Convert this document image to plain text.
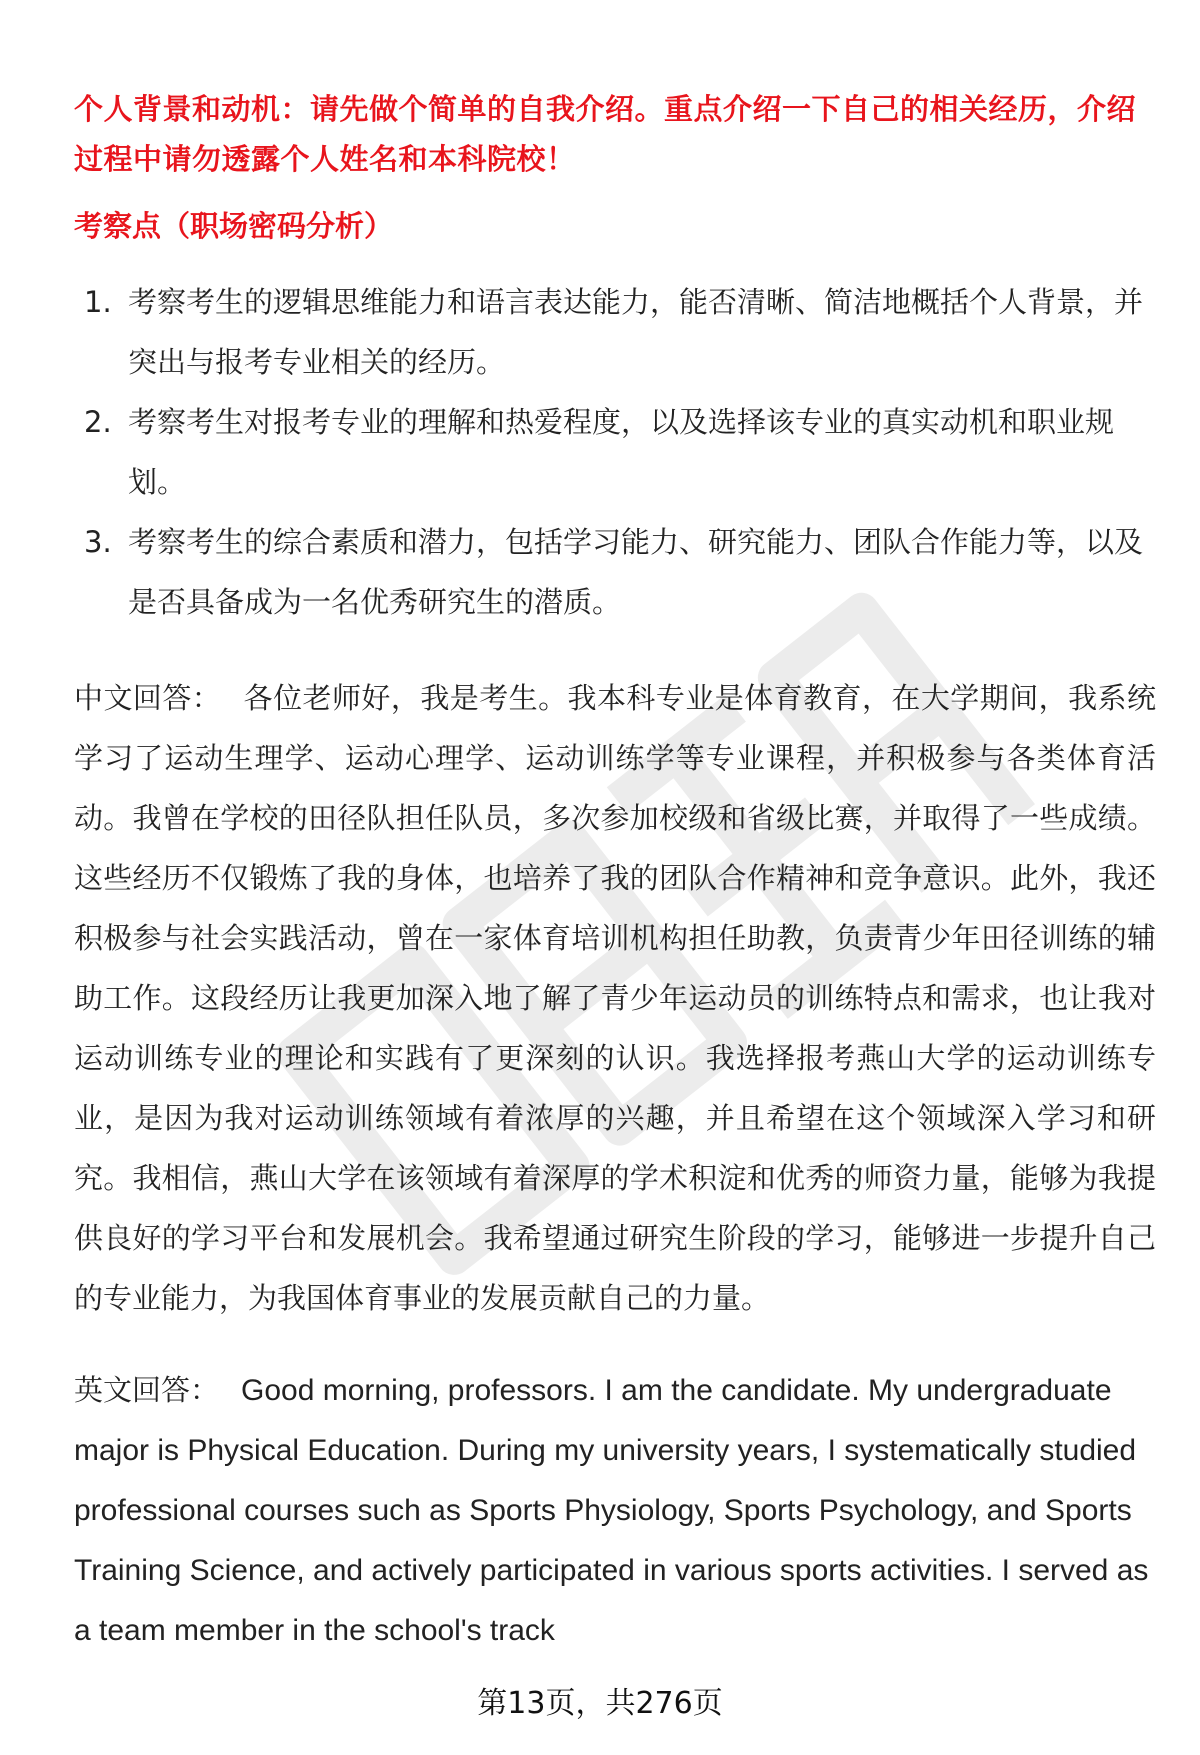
个人背景和动机：请先做个简单的自我介绍。重点介绍一下自己的相关经历，介绍过程中请勿透露个人姓名和本科院校！

考察点（职场密码分析）
1. 考察考生的逻辑思维能力和语言表达能力，能否清晰、简洁地概括个人背景，并突出与报考专业相关的经历。
2. 考察考生对报考专业的理解和热爱程度，以及选择该专业的真实动机和职业规划。
3. 考察考生的综合素质和潜力，包括学习能力、研究能力、团队合作能力等，以及是否具备成为一名优秀研究生的潜质。

中文回答： 各位老师好，我是考生。我本科专业是体育教育，在大学期间，我系统学习了运动生理学、运动心理学、运动训练学等专业课程，并积极参与各类体育活动。我曾在学校的田径队担任队员，多次参加校级和省级比赛，并取得了一些成绩。这些经历不仅锻炼了我的身体，也培养了我的团队合作精神和竞争意识。此外，我还积极参与社会实践活动，曾在一家体育培训机构担任助教，负责青少年田径训练的辅助工作。这段经历让我更加深入地了解了青少年运动员的训练特点和需求，也让我对运动训练专业的理论和实践有了更深刻的认识。我选择报考燕山大学的运动训练专业，是因为我对运动训练领域有着浓厚的兴趣，并且希望在这个领域深入学习和研究。我相信，燕山大学在该领域有着深厚的学术积淀和优秀的师资力量，能够为我提供良好的学习平台和发展机会。我希望通过研究生阶段的学习，能够进一步提升自己的专业能力，为我国体育事业的发展贡献自己的力量。

英文回答： Good morning, professors. I am the candidate. My undergraduate major is Physical Education. During my university years, I systematically studied professional courses such as Sports Physiology, Sports Psychology, and Sports Training Science, and actively participated in various sports activities. I served as a team member in the school's track

第13页，共276页
